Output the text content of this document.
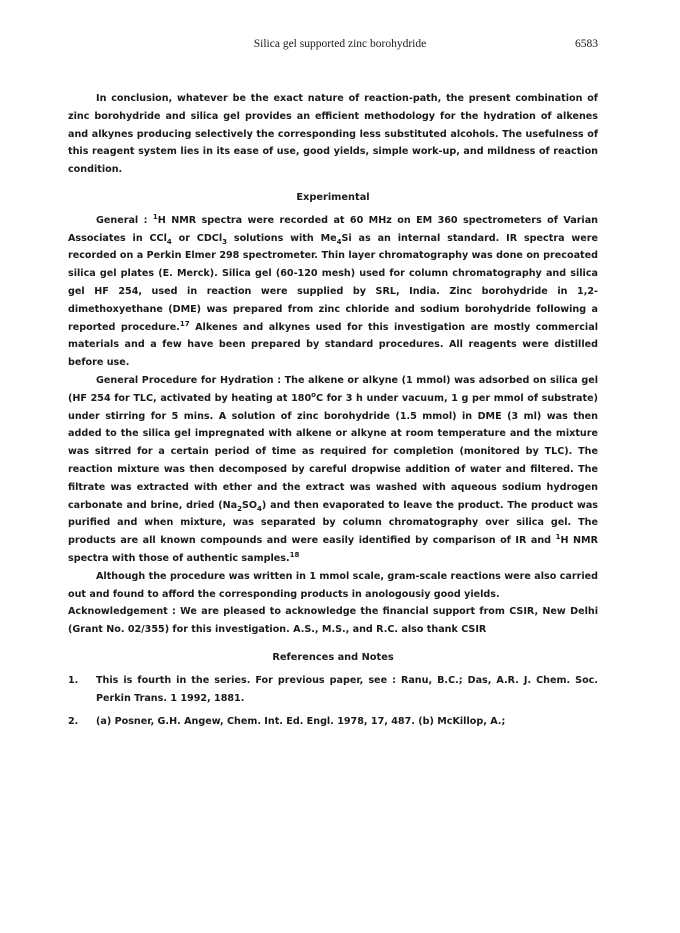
Silica gel supported zinc borohydride	6583

In conclusion, whatever be the exact nature of reaction-path, the present combination of zinc borohydride and silica gel provides an efficient methodology for the hydration of alkenes and alkynes producing selectively the corresponding less substituted alcohols. The usefulness of this reagent system lies in its ease of use, good yields, simple work-up, and mildness of reaction condition.

Experimental

General : $^1$H NMR spectra were recorded at 60 MHz on EM 360 spectrometers of Varian Associates in CCl$_4$ or CDCl$_3$ solutions with $Me_4Si$ as an internal standard. IR spectra were recorded on a Perkin Elmer 298 spectrometer. Thin layer chromatography was done on precoated silica gel plates (E. Merck). Silica gel (60-120 mesh) used for column chromatography and silica gel HF 254, used in reaction were supplied by SRL, India. Zinc borohydride in 1,2-dimethoxyethane (DME) was prepared from zinc chloride and sodium borohydride following a reported procedure.$^{17}$ Alkenes and alkynes used for this investigation are mostly commercial materials and a few have been prepared by standard procedures. All reagents were distilled before use.

General Procedure for Hydration : The alkene or alkyne (1 mmol) was adsorbed on silica gel (HF 254 for TLC, activated by heating at 180$^o$C for 3 h under vacuum, 1 g per mmol of substrate) under stirring for 5 mins. A solution of zinc borohydride (1.5 mmol) in DME (3 ml) was then added to the silica gel impregnated with alkene or alkyne at room temperature and the mixture was sitrred for a certain period of time as required for completion (monitored by TLC). The reaction mixture was then decomposed by careful dropwise addition of water and filtered. The filtrate was extracted with ether and the extract was washed with aqueous sodium hydrogen carbonate and brine, dried $(Na_2SO_4)$ and then evaporated to leave the product. The product was purified and when mixture, was separated by column chromatography over silica gel. The products are all known compounds and were easily identified by comparison of IR and $^1$H NMR spectra with those of authentic samples.$^{18}$

Although the procedure was written in 1 mmol scale, gram-scale reactions were also carried out and found to afford the corresponding products in anologousiy good yields.

Acknowledgement : We are pleased to acknowledge the financial support from CSIR, New Delhi (Grant No. 02/355) for this investigation. A.S., M.S., and R.C. also thank CSIR

References and Notes
1. This is fourth in the series. For previous paper, see : Ranu, B.C.; Das, A.R. J. Chem. Soc. Perkin Trans. 1 1992, 1881.
2. (a) Posner, G.H. Angew, Chem. Int. Ed. Engl. 1978, 17, 487. (b) McKillop, A.;
